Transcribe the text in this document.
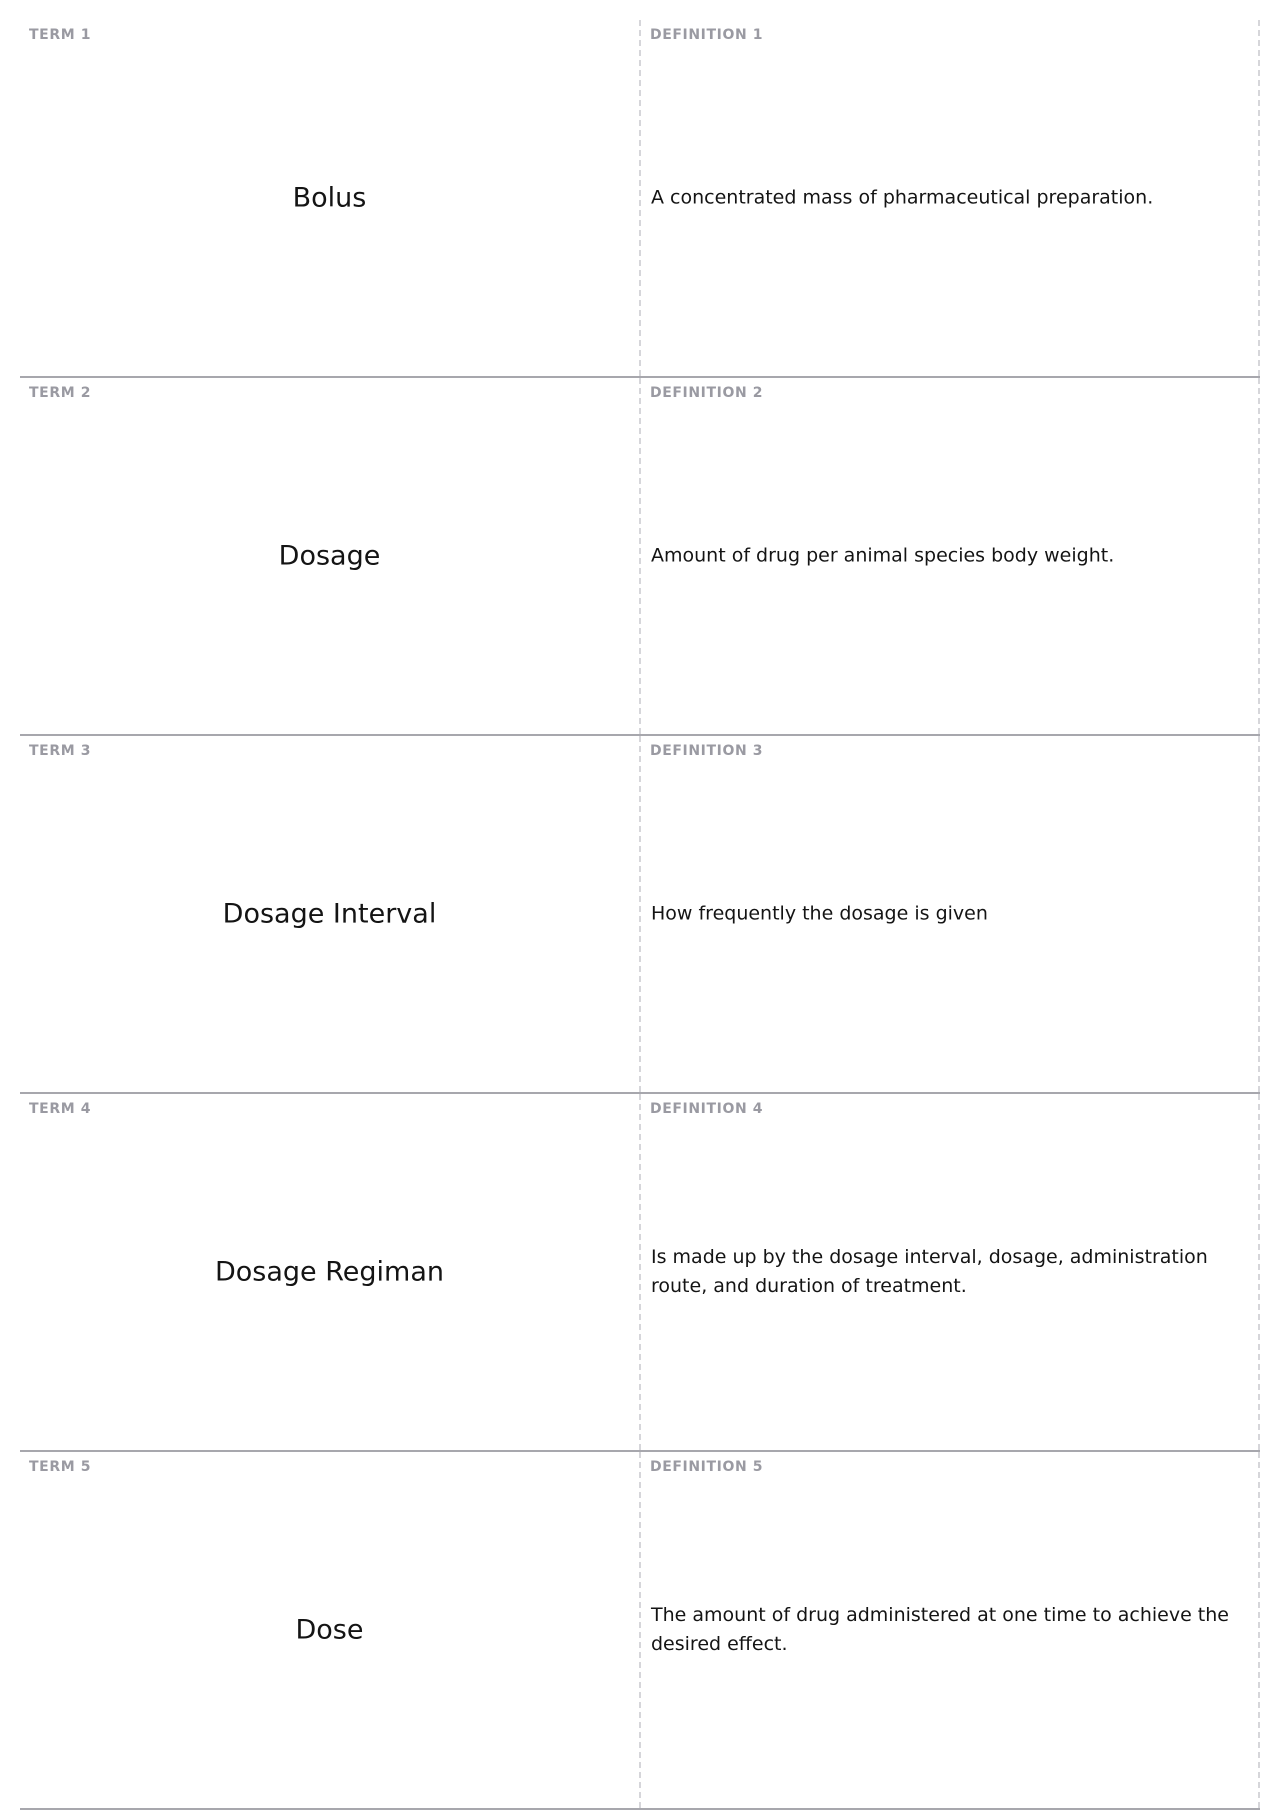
TERM 1
Bolus
DEFINITION 1
A concentrated mass of pharmaceutical preparation.
TERM 2
Dosage
DEFINITION 2
Amount of drug per animal species body weight.
TERM 3
Dosage Interval
DEFINITION 3
How frequently the dosage is given
TERM 4
Dosage Regiman
DEFINITION 4
Is made up by the dosage interval, dosage, administration route, and duration of treatment.
TERM 5
Dose
DEFINITION 5
The amount of drug administered at one time to achieve the desired effect.
